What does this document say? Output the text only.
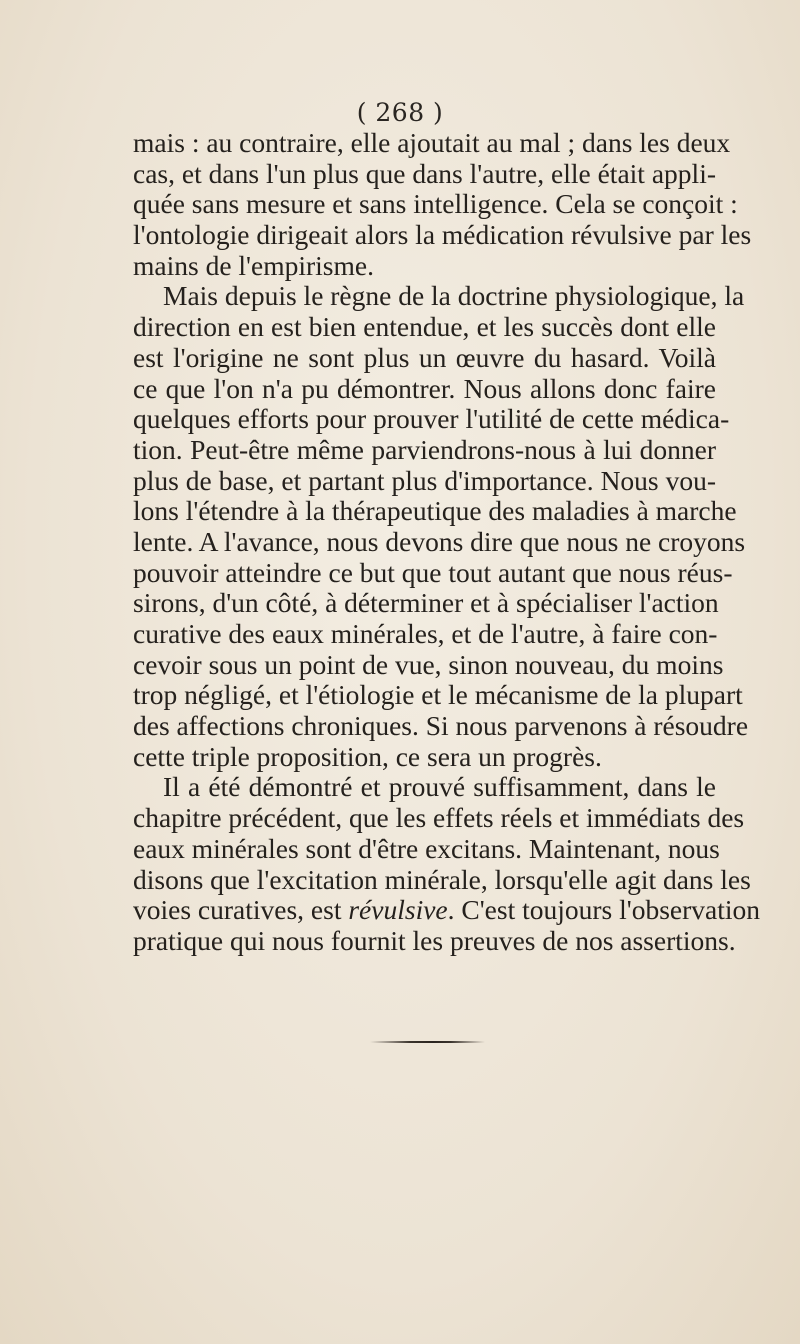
( 268 )
mais : au contraire, elle ajoutait au mal ; dans les deux
cas, et dans l'un plus que dans l'autre, elle était appli-
quée sans mesure et sans intelligence. Cela se conçoit :
l'ontologie dirigeait alors la médication révulsive par les
mains de l'empirisme.
Mais depuis le règne de la doctrine physiologique, la
direction en est bien entendue, et les succès dont elle
est l'origine ne sont plus un œuvre du hasard. Voilà
ce que l'on n'a pu démontrer. Nous allons donc faire
quelques efforts pour prouver l'utilité de cette médica-
tion. Peut-être même parviendrons-nous à lui donner
plus de base, et partant plus d'importance. Nous vou-
lons l'étendre à la thérapeutique des maladies à marche
lente. A l'avance, nous devons dire que nous ne croyons
pouvoir atteindre ce but que tout autant que nous réus-
sirons, d'un côté, à déterminer et à spécialiser l'action
curative des eaux minérales, et de l'autre, à faire con-
cevoir sous un point de vue, sinon nouveau, du moins
trop négligé, et l'étiologie et le mécanisme de la plupart
des affections chroniques. Si nous parvenons à résoudre
cette triple proposition, ce sera un progrès.
Il a été démontré et prouvé suffisamment, dans le
chapitre précédent, que les effets réels et immédiats des
eaux minérales sont d'être excitans. Maintenant, nous
disons que l'excitation minérale, lorsqu'elle agit dans les
voies curatives, est révulsive. C'est toujours l'observation
pratique qui nous fournit les preuves de nos assertions.
